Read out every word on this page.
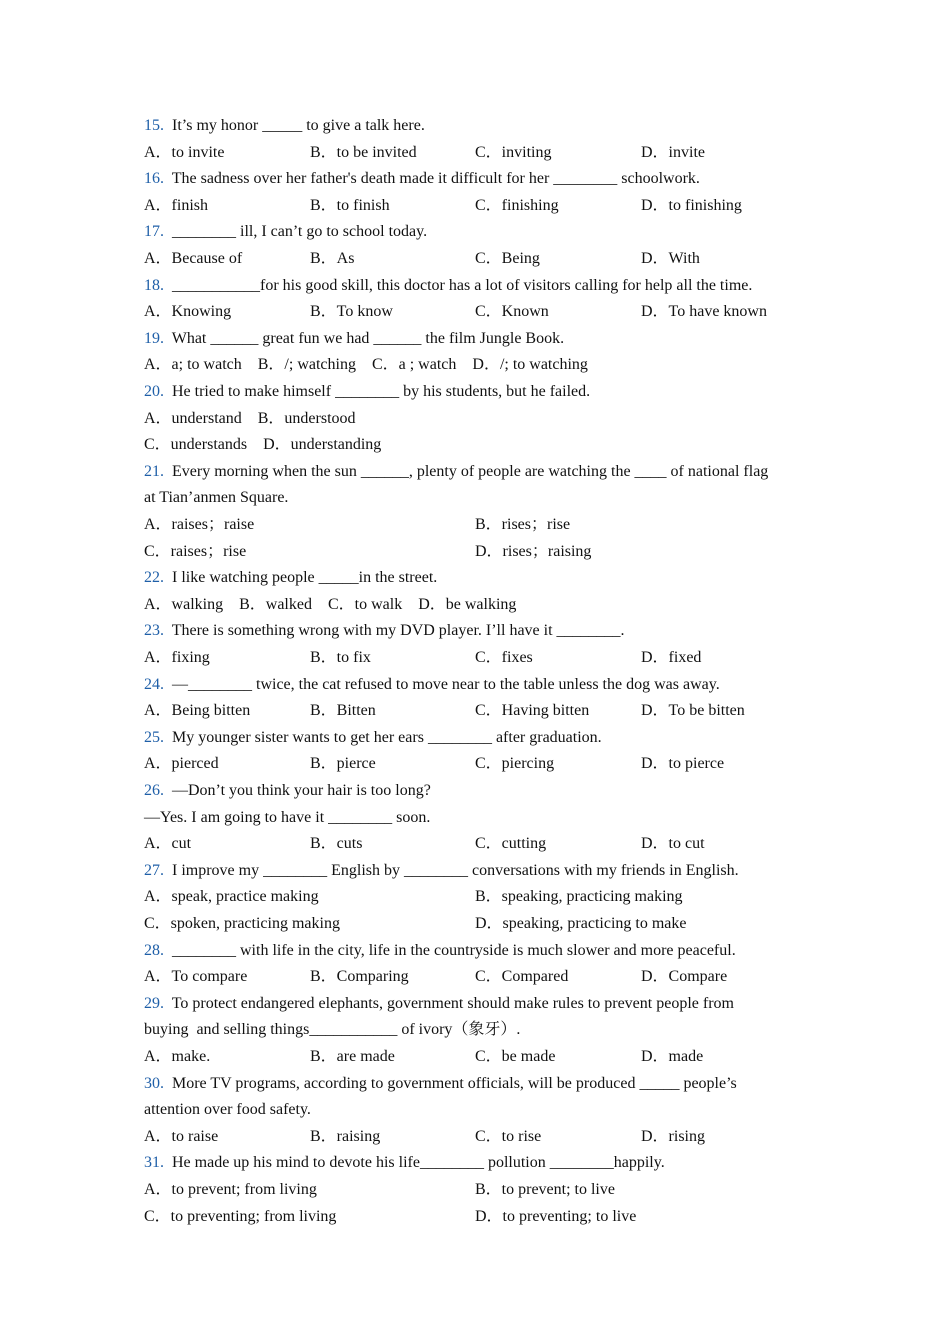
15. It’s my honor _____ to give a talk here.
A．to invite	B．to be invited	C．inviting	D．invite
16. The sadness over her father's death made it difficult for her ________ schoolwork.
A．finish	B．to finish	C．finishing	D．to finishing
17. ________ ill, I can’t go to school today.
A．Because of	B．As	C．Being	D．With
18. ___________for his good skill, this doctor has a lot of visitors calling for help all the time.
A．Knowing	B．To know	C．Known	D．To have known
19. What ______ great fun we had ______ the film Jungle Book.
A．a; to watch    B．/; watching    C．a ; watch    D．/; to watching
20. He tried to make himself ________ by his students, but he failed.
A．understand    B．understood
C．understands    D．understanding
21. Every morning when the sun ______, plenty of people are watching the ____ of national flag
at Tian’anmen Square.
A．raises；raise	B．rises；rise
C．raises；rise	D．rises；raising
22. I like watching people _____in the street.
A．walking    B．walked    C．to walk    D．be walking
23. There is something wrong with my DVD player. I’ll have it ________.
A．fixing	B．to fix	C．fixes	D．fixed
24. —________ twice, the cat refused to move near to the table unless the dog was away.
A．Being bitten	B．Bitten	C．Having bitten	D．To be bitten
25. My younger sister wants to get her ears ________ after graduation.
A．pierced	B．pierce	C．piercing	D．to pierce
26. —Don’t you think your hair is too long?
—Yes. I am going to have it ________ soon.
A．cut	B．cuts	C．cutting	D．to cut
27. I improve my ________ English by ________ conversations with my friends in English.
A．speak, practice making	B．speaking, practicing making
C．spoken, practicing making	D．speaking, practicing to make
28. ________ with life in the city, life in the countryside is much slower and more peaceful.
A．To compare	B．Comparing	C．Compared	D．Compare
29. To protect endangered elephants, government should make rules to prevent people from
buying  and selling things___________ of ivory（象牙）.
A．make.	B．are made	C．be made	D．made
30. More TV programs, according to government officials, will be produced _____ people’s
attention over food safety.
A．to raise	B．raising	C．to rise	D．rising
31. He made up his mind to devote his life________ pollution ________happily.
A．to prevent; from living	B．to prevent; to live
C．to preventing; from living	D．to preventing; to live
